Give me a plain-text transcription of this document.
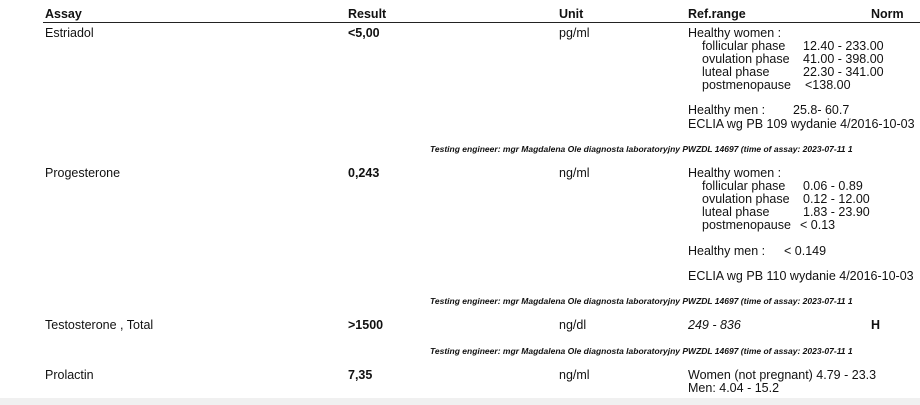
Assay	Result	Unit	Ref.range	Norm
Estriadol	<5,00	pg/ml	Healthy women :
follicular phase 12.40 - 233.00
ovulation phase 41.00 - 398.00
luteal phase	22.30 - 341.00
postmenopause <138.00
Healthy men : 25.8- 60.7
ECLIA wg PB 109 wydanie 4/2016-10-03
Testing engineer: mgr Magdalena Ole diagnosta laboratoryjny PWZDL 14697 (time of assay: 2023-07-11 1
Progesterone	0,243	ng/ml	Healthy women :
follicular phase 0.06 - 0.89
ovulation phase 0.12 - 12.00
luteal phase	1.83 - 23.90
postmenopause < 0.13
Healthy men : < 0.149
ECLIA wg PB 110 wydanie 4/2016-10-03
Testing engineer: mgr Magdalena Ole diagnosta laboratoryjny PWZDL 14697 (time of assay: 2023-07-11 1
Testosterone , Total	>1500	ng/dl	249 - 836	H
Testing engineer: mgr Magdalena Ole diagnosta laboratoryjny PWZDL 14697 (time of assay: 2023-07-11 1
Prolactin	7,35	ng/ml	Women (not pregnant) 4.79 - 23.3
Men: 4.04 - 15.2
